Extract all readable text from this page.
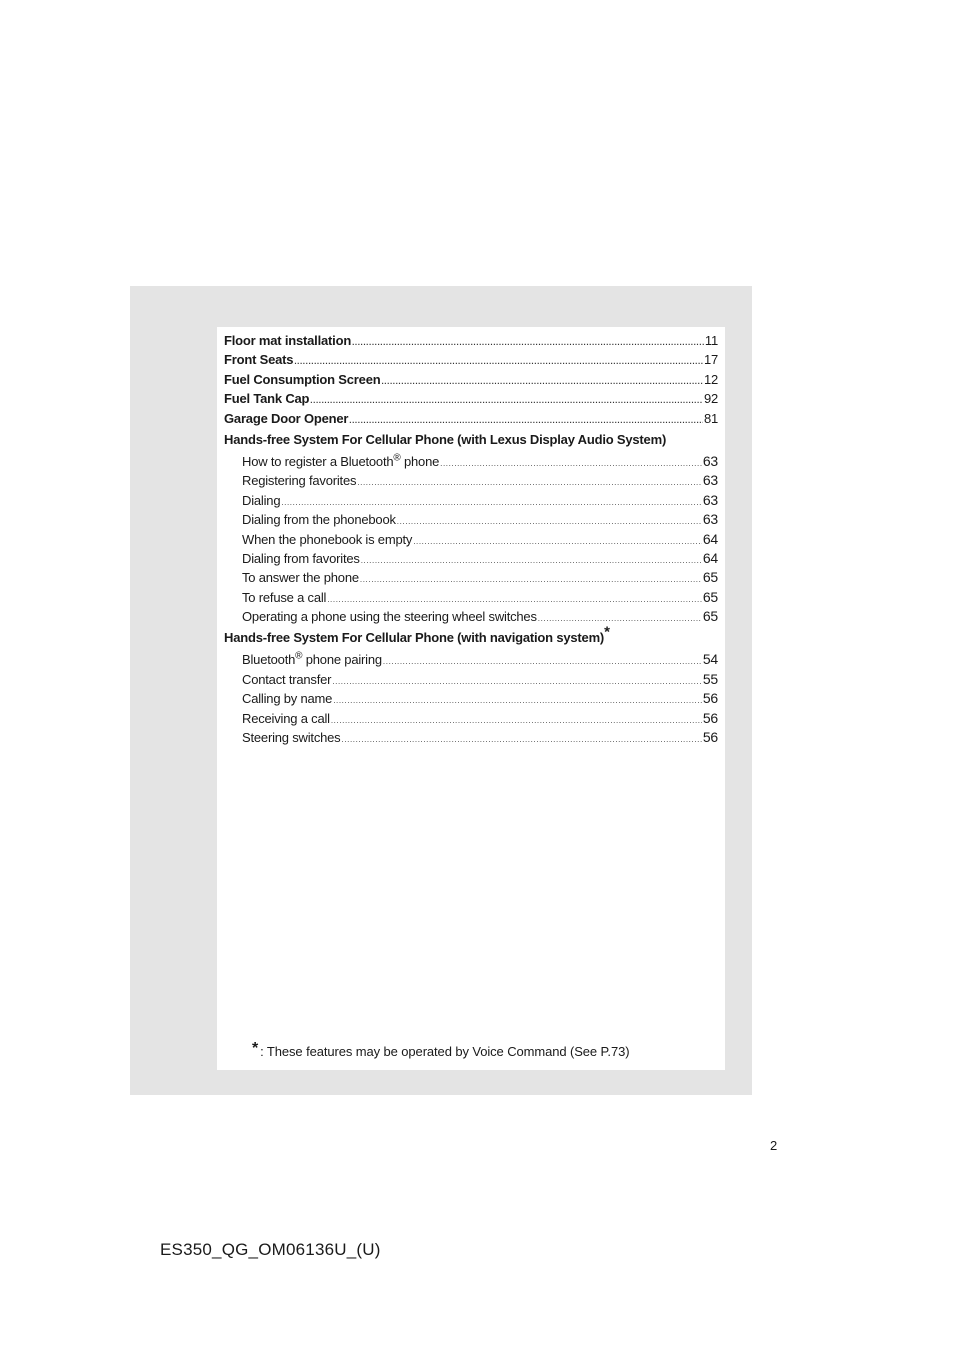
Floor mat installation .....	11
Front Seats .....	17
Fuel Consumption Screen .....	12
Fuel Tank Cap .....	92
Garage Door Opener .....	81
Hands-free System For Cellular Phone (with Lexus Display Audio System)
How to register a Bluetooth® phone .....	63
Registering favorites .....	63
Dialing .....	63
Dialing from the phonebook .....	63
When the phonebook is empty .....	64
Dialing from favorites .....	64
To answer the phone .....	65
To refuse a call .....	65
Operating a phone using the steering wheel switches .....	65
Hands-free System For Cellular Phone (with navigation system)*
Bluetooth® phone pairing .....	54
Contact transfer .....	55
Calling by name .....	56
Receiving a call .....	56
Steering switches .....	56
* : These features may be operated by Voice Command (See P.73)
2
ES350_QG_OM06136U_(U)
